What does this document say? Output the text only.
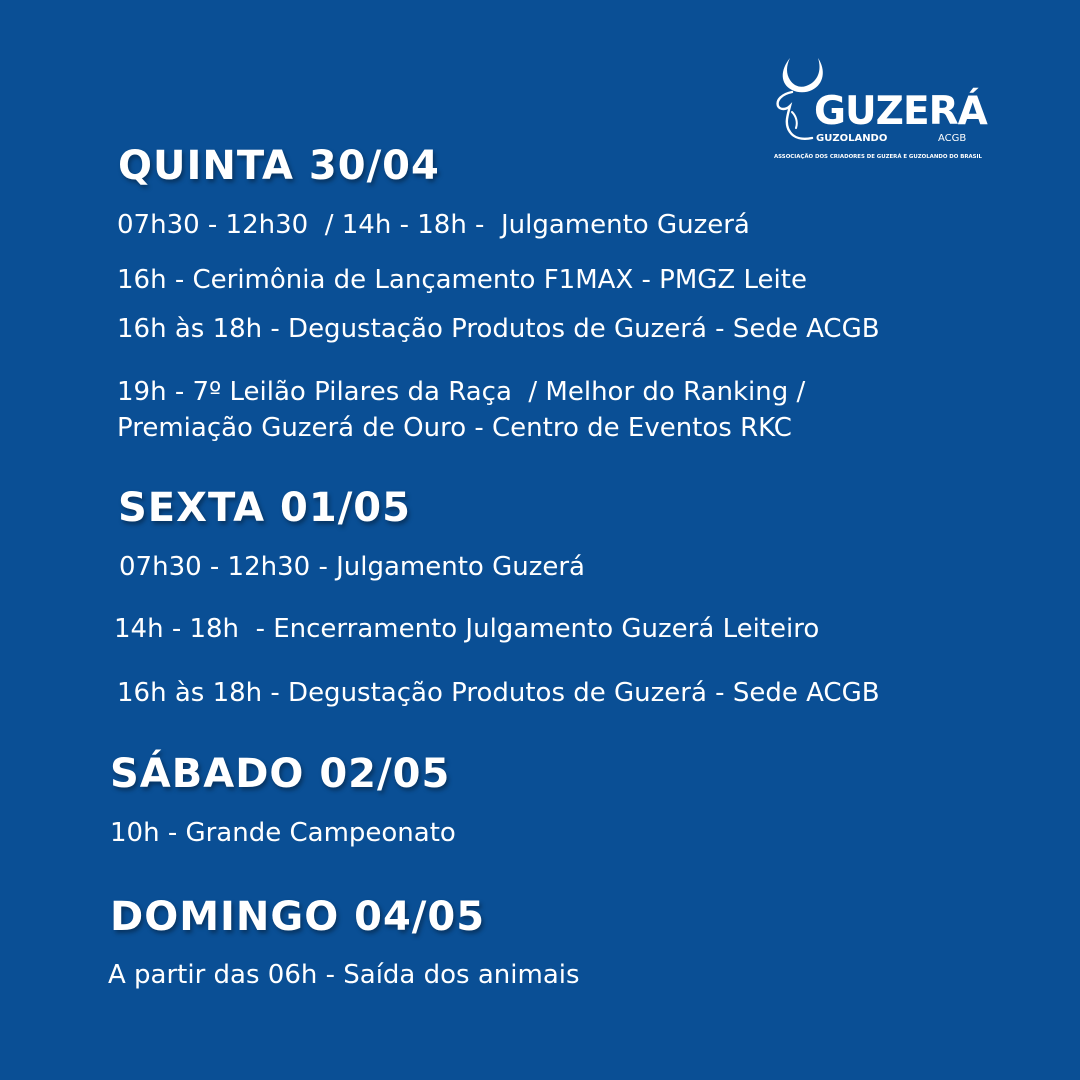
GUZERÁ
GUZOLANDO	ACGB
ASSOCIAÇÃO DOS CRIADORES DE GUZERÁ E GUZOLANDO DO BRASIL
QUINTA 30/04

07h30 - 12h30  / 14h - 18h -  Julgamento Guzerá

16h - Cerimônia de Lançamento F1MAX - PMGZ Leite

16h às 18h - Degustação Produtos de Guzerá - Sede ACGB

19h - 7º Leilão Pilares da Raça  / Melhor do Ranking /

Premiação Guzerá de Ouro - Centro de Eventos RKC

SEXTA 01/05

07h30 - 12h30 - Julgamento Guzerá

14h - 18h  - Encerramento Julgamento Guzerá Leiteiro

16h às 18h - Degustação Produtos de Guzerá - Sede ACGB

SÁBADO 02/05

10h - Grande Campeonato

DOMINGO 04/05

A partir das 06h - Saída dos animais
